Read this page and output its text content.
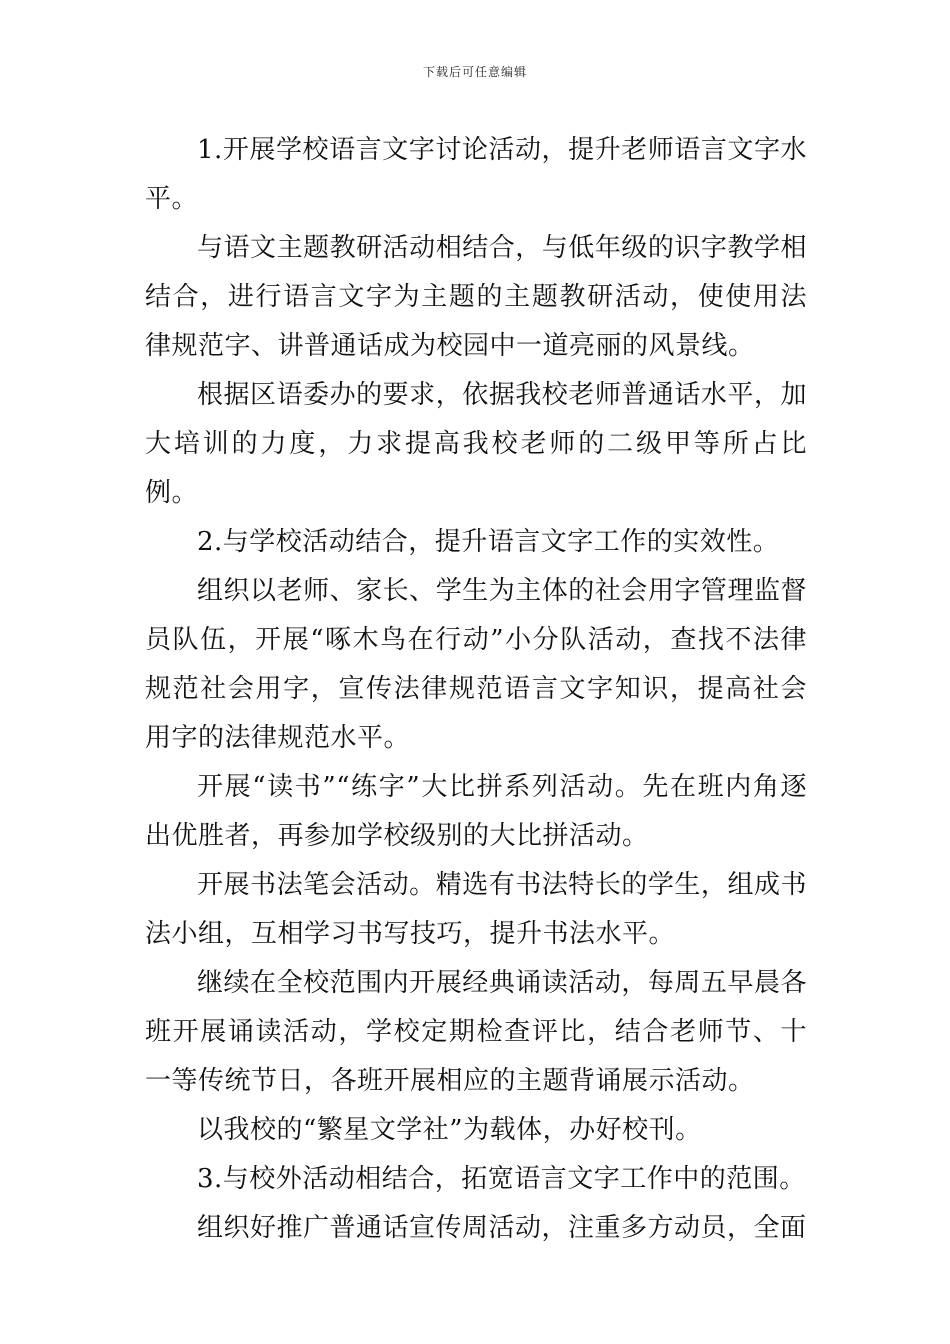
下载后可任意编辑

1.开展学校语言文字讨论活动，提升老师语言文字水平。

与语文主题教研活动相结合，与低年级的识字教学相结合，进行语言文字为主题的主题教研活动，使使用法律规范字、讲普通话成为校园中一道亮丽的风景线。

根据区语委办的要求，依据我校老师普通话水平，加大培训的力度，力求提高我校老师的二级甲等所占比例。

2.与学校活动结合，提升语言文字工作的实效性。

组织以老师、家长、学生为主体的社会用字管理监督员队伍，开展“啄木鸟在行动”小分队活动，查找不法律规范社会用字，宣传法律规范语言文字知识，提高社会用字的法律规范水平。

开展“读书”“练字”大比拼系列活动。先在班内角逐出优胜者，再参加学校级别的大比拼活动。

开展书法笔会活动。精选有书法特长的学生，组成书法小组，互相学习书写技巧，提升书法水平。

继续在全校范围内开展经典诵读活动，每周五早晨各班开展诵读活动，学校定期检查评比，结合老师节、十一等传统节日，各班开展相应的主题背诵展示活动。

以我校的“繁星文学社”为载体，办好校刊。

3.与校外活动相结合，拓宽语言文字工作中的范围。

组织好推广普通话宣传周活动，注重多方动员，全面
